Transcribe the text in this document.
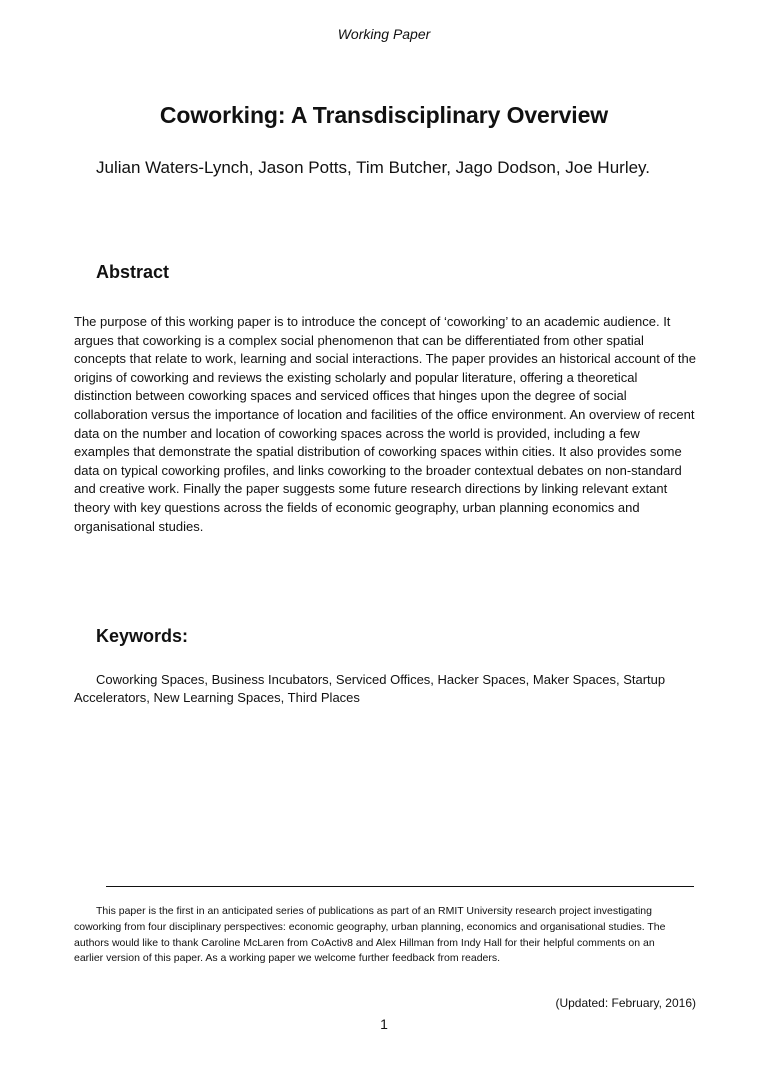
Working Paper
Coworking: A Transdisciplinary Overview
Julian Waters-Lynch, Jason Potts, Tim Butcher, Jago Dodson, Joe Hurley.
Abstract

The purpose of this working paper is to introduce the concept of ‘coworking’ to an academic audience. It argues that coworking is a complex social phenomenon that can be differentiated from other spatial concepts that relate to work, learning and social interactions. The paper provides an historical account of the origins of coworking and reviews the existing scholarly and popular literature, offering a theoretical distinction between coworking spaces and serviced offices that hinges upon the degree of social collaboration versus the importance of location and facilities of the office environment. An overview of recent data on the number and location of coworking spaces across the world is provided, including a few examples that demonstrate the spatial distribution of coworking spaces within cities. It also provides some data on typical coworking profiles, and links coworking to the broader contextual debates on non-standard and creative work. Finally the paper suggests some future research directions by linking relevant extant theory with key questions across the fields of economic geography, urban planning economics and organisational studies.

Keywords:

Coworking Spaces, Business Incubators, Serviced Offices, Hacker Spaces, Maker Spaces, Startup Accelerators, New Learning Spaces, Third Places

This paper is the first in an anticipated series of publications as part of an RMIT University research project investigating coworking from four disciplinary perspectives: economic geography, urban planning, economics and organisational studies. The authors would like to thank Caroline McLaren from CoActiv8 and Alex Hillman from Indy Hall for their helpful comments on an earlier version of this paper. As a working paper we welcome further feedback from readers.

(Updated: February, 2016)
1
